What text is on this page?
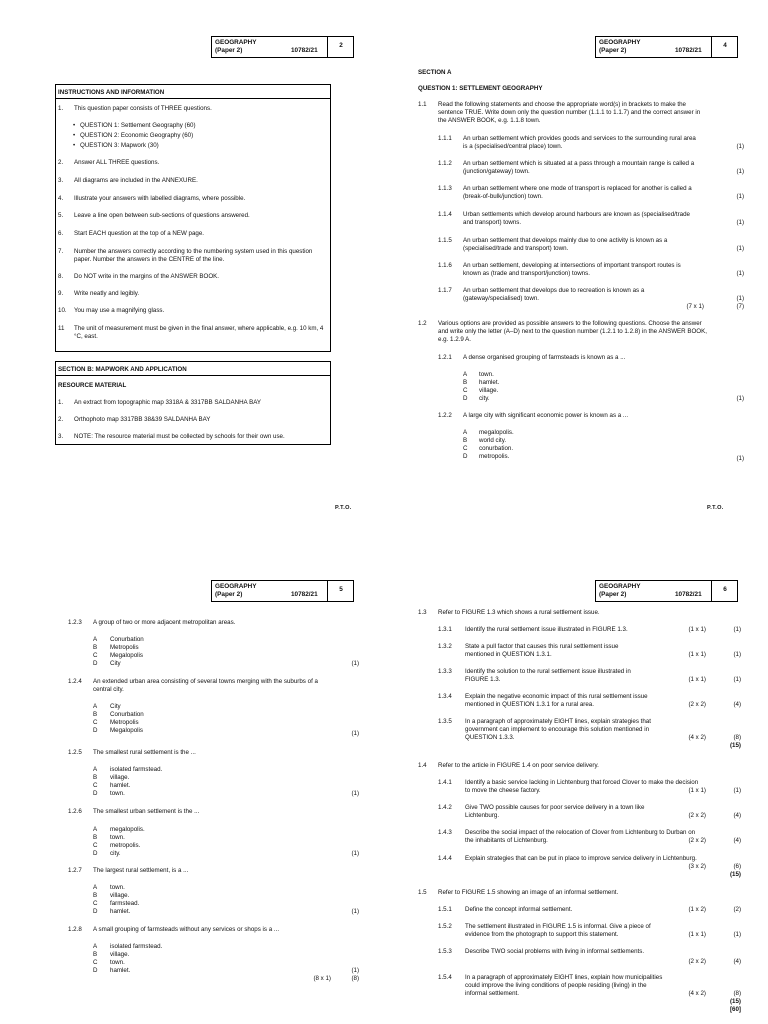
GEOGRAPHY
(Paper 2)	10782/21
2
INSTRUCTIONS AND INFORMATION
1. This question paper consists of THREE questions.
• QUESTION 1: Settlement Geography (60)
• QUESTION 2: Economic Geography (60)
• QUESTION 3: Mapwork (30)
2. Answer ALL THREE questions.
3. All diagrams are included in the ANNEXURE.
4. Illustrate your answers with labelled diagrams, where possible.
5. Leave a line open between sub-sections of questions answered.
6. Start EACH question at the top of a NEW page.
7. Number the answers correctly according to the numbering system used in this question paper. Number the answers in the CENTRE of the line.
8. Do NOT write in the margins of the ANSWER BOOK.
9. Write neatly and legibly.
10. You may use a magnifying glass.
11 The unit of measurement must be given in the final answer, where applicable, e.g. 10 km, 4 °C, east.
SECTION B: MAPWORK AND APPLICATION
RESOURCE MATERIAL
1. An extract from topographic map 3318A & 3317BB SALDANHA BAY
2. Orthophoto map 3317BB 38&39 SALDANHA BAY
3. NOTE: The resource material must be collected by schools for their own use.
P.T.O.
GEOGRAPHY
(Paper 2)	10782/21
4
SECTION A
QUESTION 1: SETTLEMENT GEOGRAPHY
1.1 Read the following statements and choose the appropriate word(s) in brackets to make the sentence TRUE. Write down only the question number (1.1.1 to 1.1.7) and the correct answer in the ANSWER BOOK, e.g. 1.1.8 town.
1.1.1 An urban settlement which provides goods and services to the surrounding rural area is a (specialised/central place) town.	(1)
1.1.2 An urban settlement which is situated at a pass through a mountain range is called a (junction/gateway) town.	(1)
1.1.3 An urban settlement where one mode of transport is replaced for another is called a (break-of-bulk/junction) town.	(1)
1.1.4 Urban settlements which develop around harbours are known as (specialised/trade and transport) towns.	(1)
1.1.5 An urban settlement that develops mainly due to one activity is known as a (specialised/trade and transport) town.	(1)
1.1.6 An urban settlement, developing at intersections of important transport routes is known as (trade and transport/junction) towns.	(1)
1.1.7 An urban settlement that develops due to recreation is known as a (gateway/specialised) town.	(1)
(7 x 1)	(7)
1.2 Various options are provided as possible answers to the following questions. Choose the answer and write only the letter (A–D) next to the question number (1.2.1 to 1.2.8) in the ANSWER BOOK, e.g. 1.2.9 A.
1.2.1 A dense organised grouping of farmsteads is known as a ...
A town.
B hamlet.
C village.
D city.	(1)
1.2.2 A large city with significant economic power is known as a ...
A megalopolis.
B world city.
C conurbation.
D metropolis.	(1)
P.T.O.
GEOGRAPHY
(Paper 2)	10782/21
5
1.2.3 A group of two or more adjacent metropolitan areas.
A Conurbation
B Metropolis
C Megalopolis
D City	(1)
1.2.4 An extended urban area consisting of several towns merging with the suburbs of a central city.
A City
B Conurbation
C Metropolis
D Megalopolis	(1)
1.2.5 The smallest rural settlement is the ...
A isolated farmstead.
B village.
C hamlet.
D town.	(1)
1.2.6 The smallest urban settlement is the ...
A megalopolis.
B town.
C metropolis.
D city.	(1)
1.2.7 The largest rural settlement, is a ...
A town.
B village.
C farmstead.
D hamlet.	(1)
1.2.8 A small grouping of farmsteads without any services or shops is a ...
A isolated farmstead.
B village.
C town.
D hamlet.	(1)
(8 x 1)	(8)
GEOGRAPHY
(Paper 2)	10782/21
6
1.3 Refer to FIGURE 1.3 which shows a rural settlement issue.
1.3.1 Identify the rural settlement issue illustrated in FIGURE 1.3.	(1 x 1)	(1)
1.3.2 State a pull factor that causes this rural settlement issue mentioned in QUESTION 1.3.1.	(1 x 1)	(1)
1.3.3 Identify the solution to the rural settlement issue illustrated in FIGURE 1.3.	(1 x 1)	(1)
1.3.4 Explain the negative economic impact of this rural settlement issue mentioned in QUESTION 1.3.1 for a rural area.	(2 x 2)	(4)
1.3.5 In a paragraph of approximately EIGHT lines, explain strategies that government can implement to encourage this solution mentioned in QUESTION 1.3.3.	(4 x 2)	(8)
(15)
1.4 Refer to the article in FIGURE 1.4 on poor service delivery.
1.4.1 Identify a basic service lacking in Lichtenburg that forced Clover to make the decision to move the cheese factory.	(1 x 1)	(1)
1.4.2 Give TWO possible causes for poor service delivery in a town like Lichtenburg.	(2 x 2)	(4)
1.4.3 Describe the social impact of the relocation of Clover from Lichtenburg to Durban on the inhabitants of Lichtenburg.	(2 x 2)	(4)
1.4.4 Explain strategies that can be put in place to improve service delivery in Lichtenburg.
(3 x 2)	(6)
(15)
1.5 Refer to FIGURE 1.5 showing an image of an informal settlement.
1.5.1 Define the concept informal settlement.	(1 x 2)	(2)
1.5.2 The settlement illustrated in FIGURE 1.5 is informal. Give a piece of evidence from the photograph to support this statement.	(1 x 1)	(1)
1.5.3 Describe TWO social problems with living in informal settlements.
(2 x 2)	(4)
1.5.4 In a paragraph of approximately EIGHT lines, explain how municipalities could improve the living conditions of people residing (living) in the informal settlement.	(4 x 2)	(8)
(15)
[60]
